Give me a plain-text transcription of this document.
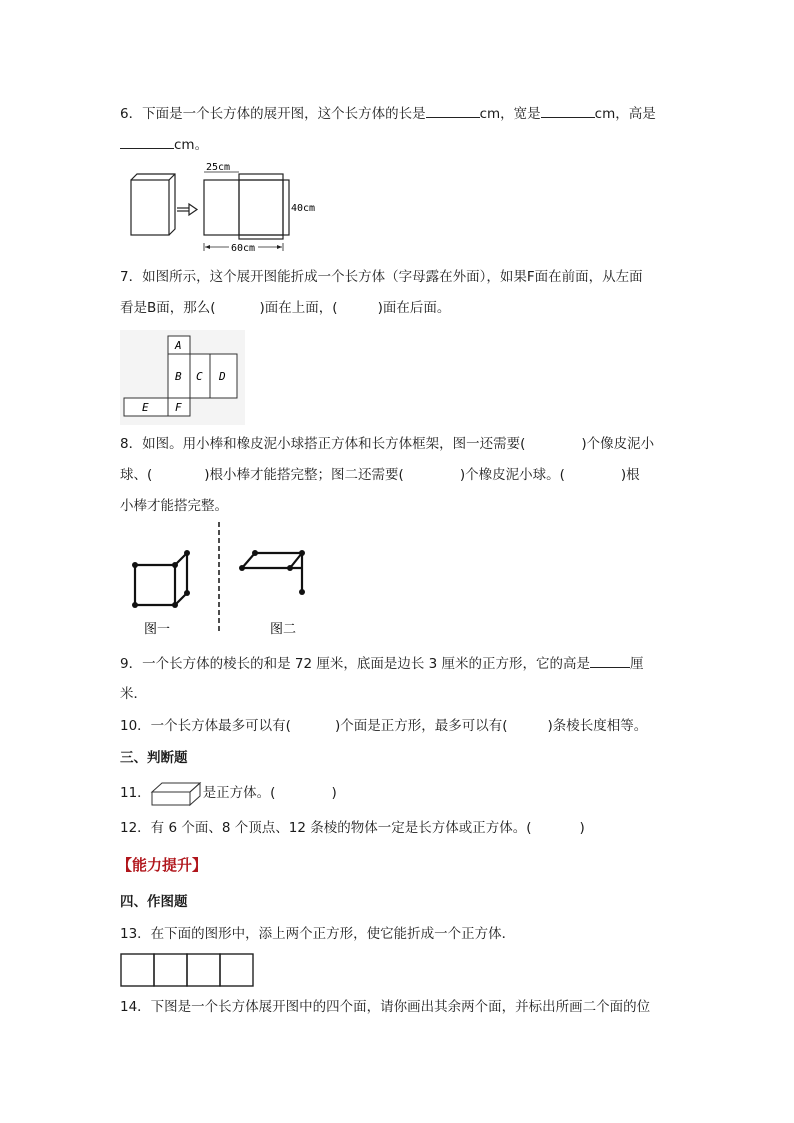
6．下面是一个长方体的展开图，这个长方体的长是	cm，宽是	cm，高是
cm。
25cm
40cm
60cm
7．如图所示，这个展开图能折成一个长方体（字母露在外面），如果F面在前面，从左面
看是B面，那么(	)面在上面，(	)面在后面。
A
B C D
E F
8．如图。用小棒和橡皮泥小球搭正方体和长方体框架，图一还需要(	)个像皮泥小
球、(	)根小棒才能搭完整；图二还需要(	)个橡皮泥小球。(	)根
小棒才能搭完整。
图一	图二
9．一个长方体的棱长的和是 72 厘米，底面是边长 3 厘米的正方形，它的高是	厘
米．
10．一个长方体最多可以有(	)个面是正方形，最多可以有(	)条棱长度相等。
三、判断题
11．	是正方体。(	)
12．有 6 个面、8 个顶点、12 条棱的物体一定是长方体或正方体。(	)
【能力提升】
四、作图题
13．在下面的图形中，添上两个正方形，使它能折成一个正方体．
14．下图是一个长方体展开图中的四个面，请你画出其余两个面，并标出所画二个面的位
